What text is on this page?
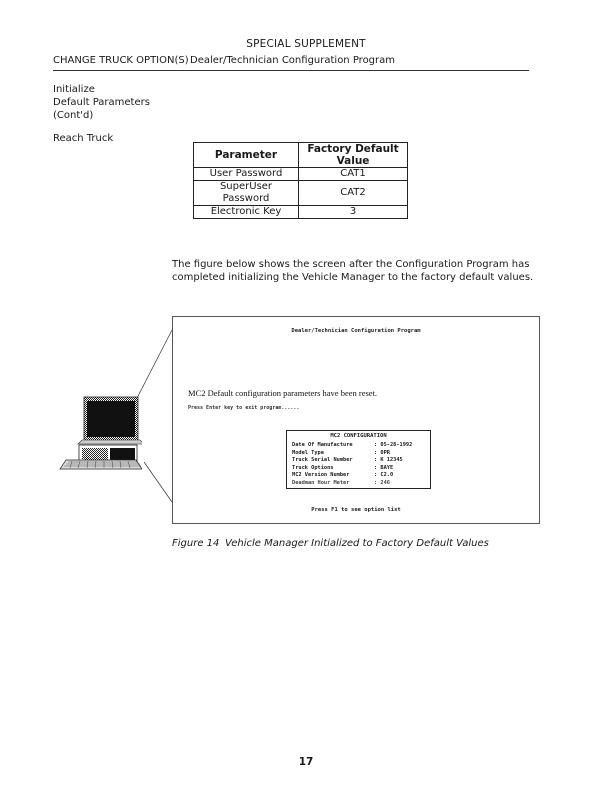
SPECIAL SUPPLEMENT
CHANGE TRUCK OPTION(S) Dealer/Technician Configuration Program
Initialize
Default Parameters
(Cont'd)
Reach Truck
Parameter	Factory Default Value
User Password	CAT1
SuperUser Password	CAT2
Electronic Key	3
The figure below shows the screen after the Configuration Program has completed initializing the Vehicle Manager to the factory default values.
Dealer/Technician Configuration Program
MC2 Default configuration parameters have been reset.
Press Enter key to exit program......
MC2 CONFIGURATION
Date Of Manufacture	: 05-28-1992
Model Type	: 0PR
Truck Serial Number	: K 12345
Truck Options	: BAYE
MC2 Version Number	: C2.0
Deadman Hour Meter	: 246
Press F1 to see option list
Figure 14 Vehicle Manager Initialized to Factory Default Values
17
